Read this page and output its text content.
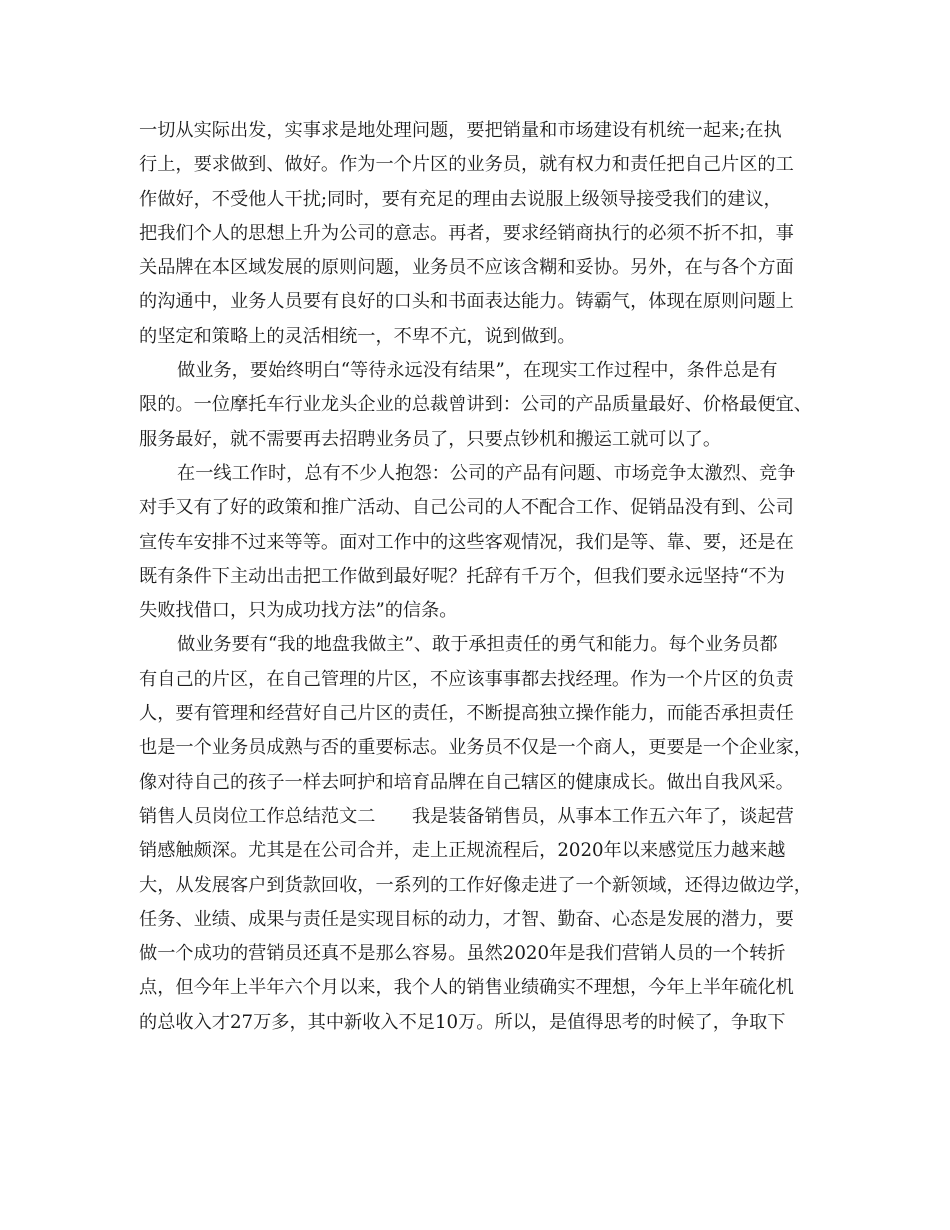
一切从实际出发，实事求是地处理问题，要把销量和市场建设有机统一起来;在执
行上，要求做到、做好。作为一个片区的业务员，就有权力和责任把自己片区的工
作做好，不受他人干扰;同时，要有充足的理由去说服上级领导接受我们的建议，
把我们个人的思想上升为公司的意志。再者，要求经销商执行的必须不折不扣，事
关品牌在本区域发展的原则问题，业务员不应该含糊和妥协。另外，在与各个方面
的沟通中，业务人员要有良好的口头和书面表达能力。铸霸气，体现在原则问题上
的坚定和策略上的灵活相统一，不卑不亢，说到做到。
做业务，要始终明白“等待永远没有结果”，在现实工作过程中，条件总是有
限的。一位摩托车行业龙头企业的总裁曾讲到：公司的产品质量最好、价格最便宜、
服务最好，就不需要再去招聘业务员了，只要点钞机和搬运工就可以了。
在一线工作时，总有不少人抱怨：公司的产品有问题、市场竞争太激烈、竞争
对手又有了好的政策和推广活动、自己公司的人不配合工作、促销品没有到、公司
宣传车安排不过来等等。面对工作中的这些客观情况，我们是等、靠、要，还是在
既有条件下主动出击把工作做到最好呢？托辞有千万个，但我们要永远坚持“不为
失败找借口，只为成功找方法”的信条。
做业务要有“我的地盘我做主”、敢于承担责任的勇气和能力。每个业务员都
有自己的片区，在自己管理的片区，不应该事事都去找经理。作为一个片区的负责
人，要有管理和经营好自己片区的责任，不断提高独立操作能力，而能否承担责任
也是一个业务员成熟与否的重要标志。业务员不仅是一个商人，更要是一个企业家，
像对待自己的孩子一样去呵护和培育品牌在自己辖区的健康成长。做出自我风采。
销售人员岗位工作总结范文二　　我是装备销售员，从事本工作五六年了，谈起营
销感触颇深。尤其是在公司合并，走上正规流程后，2020年以来感觉压力越来越
大，从发展客户到货款回收，一系列的工作好像走进了一个新领域，还得边做边学，
任务、业绩、成果与责任是实现目标的动力，才智、勤奋、心态是发展的潜力，要
做一个成功的营销员还真不是那么容易。虽然2020年是我们营销人员的一个转折
点，但今年上半年六个月以来，我个人的销售业绩确实不理想，今年上半年硫化机
的总收入才27万多，其中新收入不足10万。所以，是值得思考的时候了，争取下
